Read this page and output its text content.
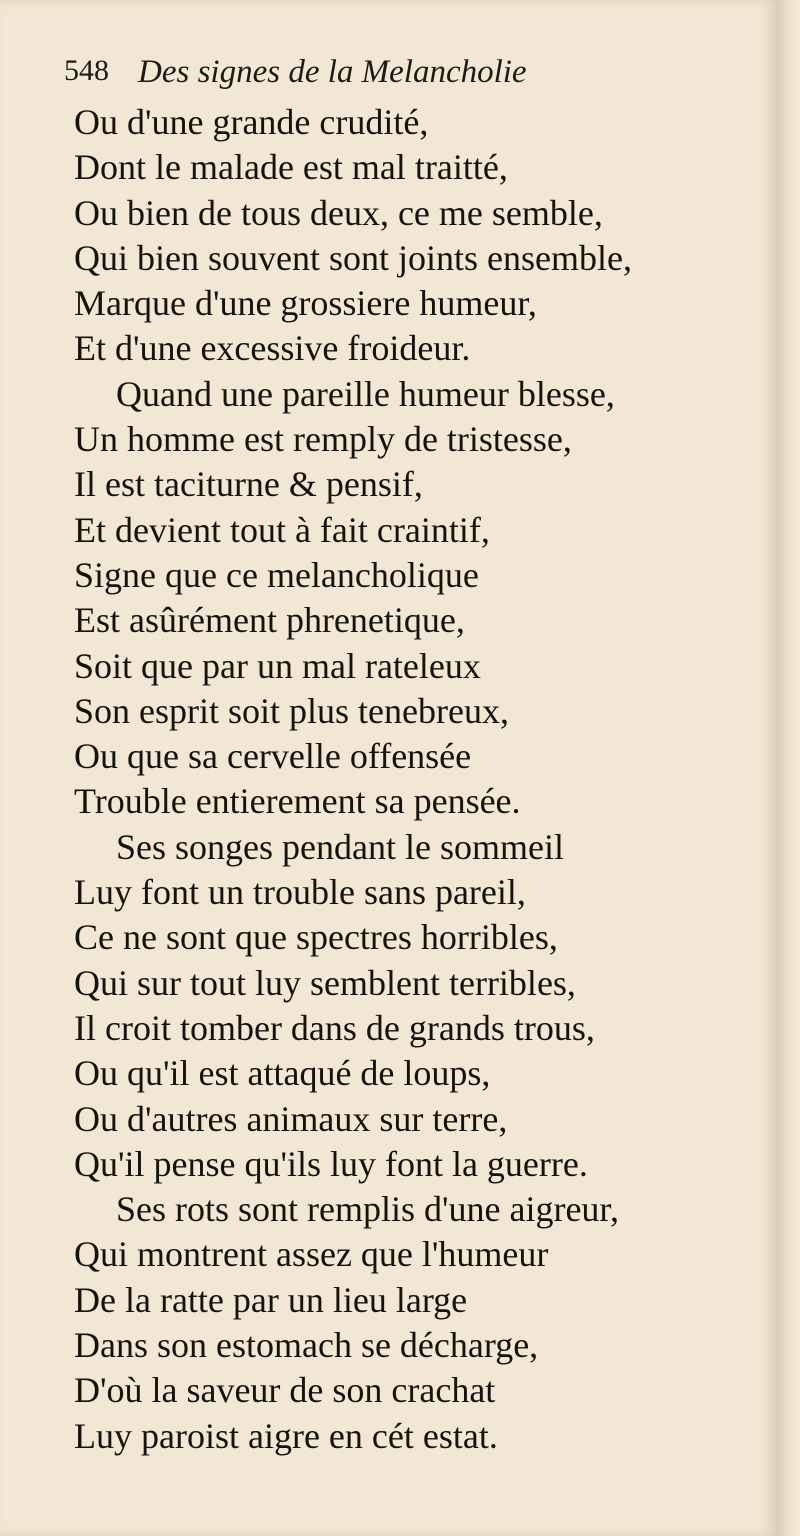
548 Des signes de la Melancholie
Ou d'une grande crudité,
Dont le malade est mal traitté,
Ou bien de tous deux, ce me semble,
Qui bien souvent sont joints ensemble,
Marque d'une grossiere humeur,
Et d'une excessive froideur.
Quand une pareille humeur blesse,
Un homme est remply de tristesse,
Il est taciturne & pensif,
Et devient tout à fait craintif,
Signe que ce melancholique
Est asûrément phrenetique,
Soit que par un mal rateleux
Son esprit soit plus tenebreux,
Ou que sa cervelle offensée
Trouble entierement sa pensée.
Ses songes pendant le sommeil
Luy font un trouble sans pareil,
Ce ne sont que spectres horribles,
Qui sur tout luy semblent terribles,
Il croit tomber dans de grands trous,
Ou qu'il est attaqué de loups,
Ou d'autres animaux sur terre,
Qu'il pense qu'ils luy font la guerre.
Ses rots sont remplis d'une aigreur,
Qui montrent assez que l'humeur
De la ratte par un lieu large
Dans son estomach se décharge,
D'où la saveur de son crachat
Luy paroist aigre en cét estat.
